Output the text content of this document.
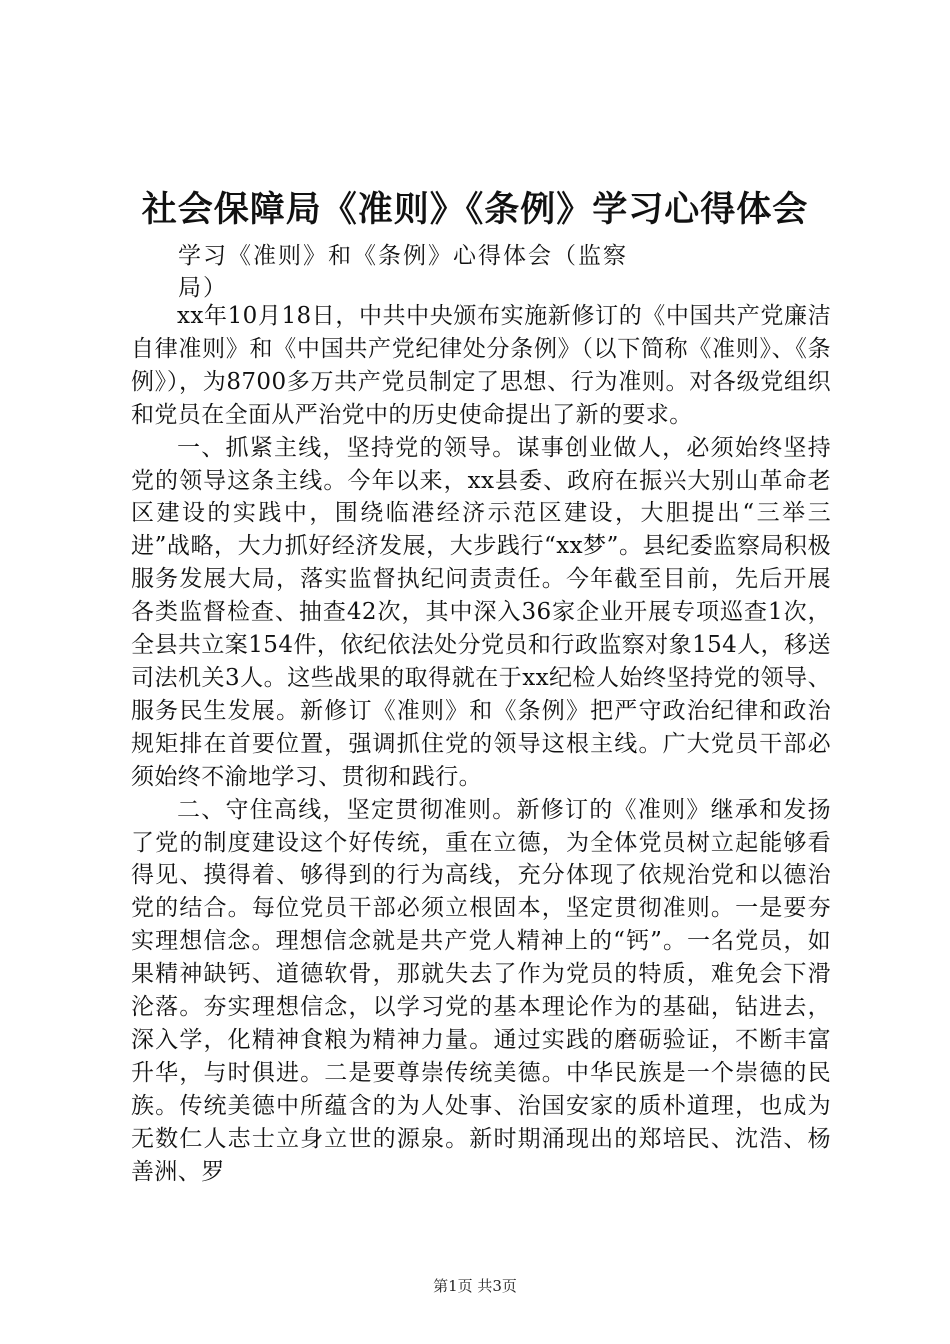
社会保障局《准则》《条例》学习心得体会
学习《准则》和《条例》心得体会（监察局）

xx年10月18日，中共中央颁布实施新修订的《中国共产党廉洁自律准则》和《中国共产党纪律处分条例》（以下简称《准则》、《条例》），为8700多万共产党员制定了思想、行为准则。对各级党组织和党员在全面从严治党中的历史使命提出了新的要求。

一、抓紧主线，坚持党的领导。谋事创业做人，必须始终坚持党的领导这条主线。今年以来，xx县委、政府在振兴大别山革命老区建设的实践中，围绕临港经济示范区建设，大胆提出“三举三进”战略，大力抓好经济发展，大步践行“xx梦”。县纪委监察局积极服务发展大局，落实监督执纪问责责任。今年截至目前，先后开展各类监督检查、抽查42次，其中深入36家企业开展专项巡查1次，全县共立案154件，依纪依法处分党员和行政监察对象154人，移送司法机关3人。这些战果的取得就在于xx纪检人始终坚持党的领导、服务民生发展。新修订《准则》和《条例》把严守政治纪律和政治规矩排在首要位置，强调抓住党的领导这根主线。广大党员干部必须始终不渝地学习、贯彻和践行。

二、守住高线，坚定贯彻准则。新修订的《准则》继承和发扬了党的制度建设这个好传统，重在立德，为全体党员树立起能够看得见、摸得着、够得到的行为高线，充分体现了依规治党和以德治党的结合。每位党员干部必须立根固本，坚定贯彻准则。一是要夯实理想信念。理想信念就是共产党人精神上的“钙”。一名党员，如果精神缺钙、道德软骨，那就失去了作为党员的特质，难免会下滑沦落。夯实理想信念，以学习党的基本理论作为的基础，钻进去，深入学，化精神食粮为精神力量。通过实践的磨砺验证，不断丰富升华，与时俱进。二是要尊崇传统美德。中华民族是一个崇德的民族。传统美德中所蕴含的为人处事、治国安家的质朴道理，也成为无数仁人志士立身立世的源泉。新时期涌现出的郑培民、沈浩、杨善洲、罗

第1页 共3页
